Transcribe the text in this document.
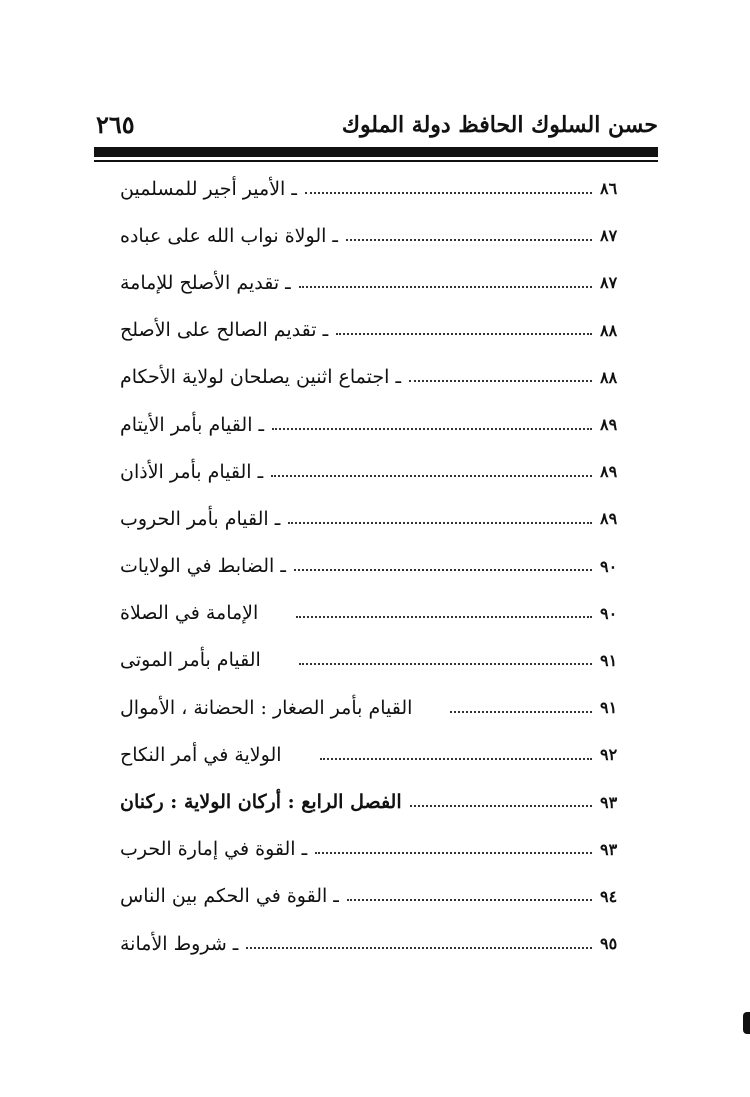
حسن السلوك الحافظ دولة الملوك
٢٦٥
ـ الأمير أجير للمسلمين	٨٦
ـ الولاة نواب الله على عباده	٨٧
ـ تقديم الأصلح للإمامة	٨٧
ـ تقديم الصالح على الأصلح	٨٨
ـ اجتماع اثنين يصلحان لولاية الأحكام	٨٨
ـ القيام بأمر الأيتام	٨٩
ـ القيام بأمر الأذان	٨٩
ـ القيام بأمر الحروب	٨٩
ـ الضابط في الولايات	٩٠
الإمامة في الصلاة	٩٠
القيام بأمر الموتى	٩١
القيام بأمر الصغار : الحضانة ، الأموال	٩١
الولاية في أمر النكاح	٩٢
الفصل الرابع : أركان الولاية : ركنان	٩٣
ـ القوة في إمارة الحرب	٩٣
ـ القوة في الحكم بين الناس	٩٤
ـ شروط الأمانة	٩٥
